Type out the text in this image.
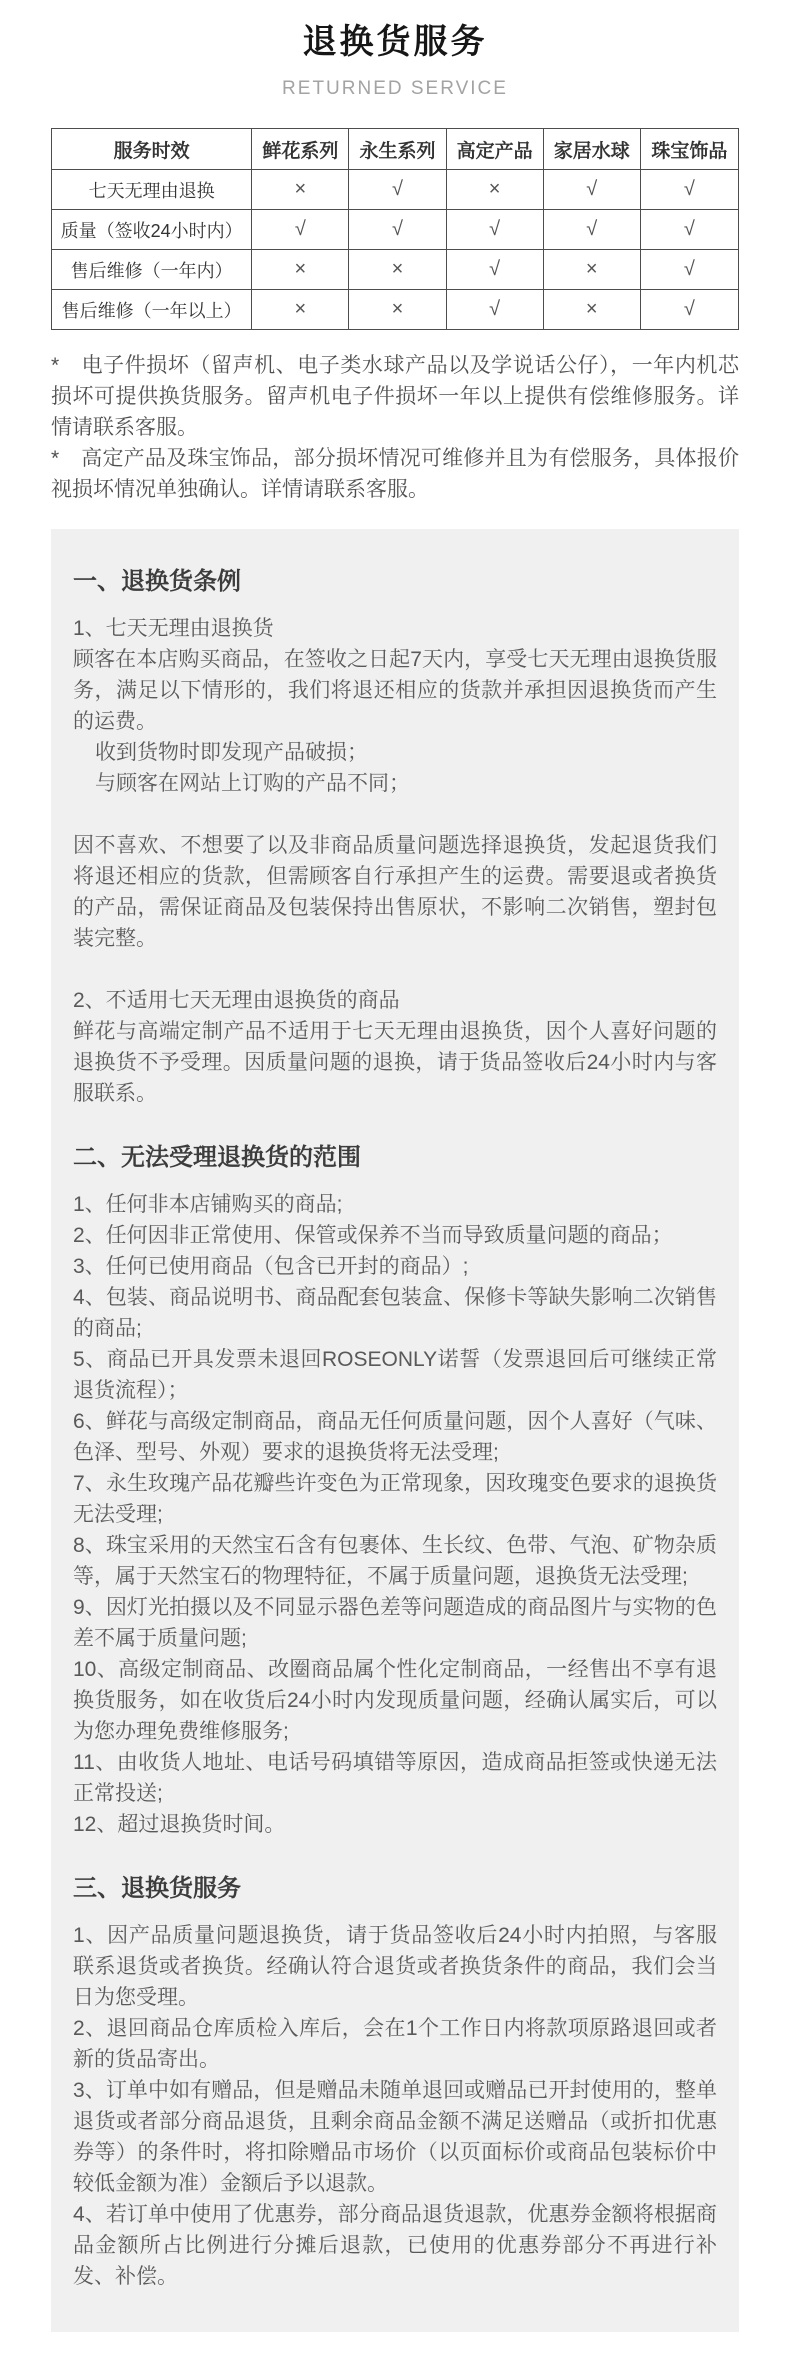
退换货服务
RETURNED SERVICE
服务时效	鲜花系列	永生系列	高定产品	家居水球	珠宝饰品
七天无理由退换	×	√	×	√	√
质量（签收24小时内）	√	√	√	√	√
售后维修（一年内）	×	×	√	×	√
售后维修（一年以上）	×	×	√	×	√

* 电子件损坏（留声机、电子类水球产品以及学说话公仔），一年内机芯损坏可提供换货服务。留声机电子件损坏一年以上提供有偿维修服务。详情请联系客服。

* 高定产品及珠宝饰品，部分损坏情况可维修并且为有偿服务，具体报价视损坏情况单独确认。详情请联系客服。

一、退换货条例

1、七天无理由退换货

顾客在本店购买商品，在签收之日起7天内，享受七天无理由退换货服务，满足以下情形的，我们将退还相应的货款并承担因退换货而产生的运费。

收到货物时即发现产品破损；

与顾客在网站上订购的产品不同；

因不喜欢、不想要了以及非商品质量问题选择退换货，发起退货我们将退还相应的货款，但需顾客自行承担产生的运费。需要退或者换货的产品，需保证商品及包装保持出售原状，不影响二次销售，塑封包装完整。

2、不适用七天无理由退换货的商品

鲜花与高端定制产品不适用于七天无理由退换货，因个人喜好问题的退换货不予受理。因质量问题的退换，请于货品签收后24小时内与客服联系。

二、无法受理退换货的范围

1、任何非本店铺购买的商品;

2、任何因非正常使用、保管或保养不当而导致质量问题的商品；

3、任何已使用商品（包含已开封的商品）;

4、包装、商品说明书、商品配套包装盒、保修卡等缺失影响二次销售的商品;

5、商品已开具发票未退回ROSEONLY诺誓（发票退回后可继续正常退货流程）；

6、鲜花与高级定制商品，商品无任何质量问题，因个人喜好（气味、色泽、型号、外观）要求的退换货将无法受理;

7、永生玫瑰产品花瓣些许变色为正常现象，因玫瑰变色要求的退换货无法受理;

8、珠宝采用的天然宝石含有包裹体、生长纹、色带、气泡、矿物杂质等，属于天然宝石的物理特征，不属于质量问题，退换货无法受理;

9、因灯光拍摄以及不同显示器色差等问题造成的商品图片与实物的色差不属于质量问题;

10、高级定制商品、改圈商品属个性化定制商品，一经售出不享有退换货服务，如在收货后24小时内发现质量问题，经确认属实后，可以为您办理免费维修服务;

11、由收货人地址、电话号码填错等原因，造成商品拒签或快递无法正常投送;

12、超过退换货时间。

三、退换货服务

1、因产品质量问题退换货，请于货品签收后24小时内拍照，与客服联系退货或者换货。经确认符合退货或者换货条件的商品，我们会当日为您受理。

2、退回商品仓库质检入库后，会在1个工作日内将款项原路退回或者新的货品寄出。

3、订单中如有赠品，但是赠品未随单退回或赠品已开封使用的，整单退货或者部分商品退货，且剩余商品金额不满足送赠品（或折扣优惠券等）的条件时，将扣除赠品市场价（以页面标价或商品包装标价中较低金额为准）金额后予以退款。

4、若订单中使用了优惠券，部分商品退货退款，优惠券金额将根据商品金额所占比例进行分摊后退款，已使用的优惠券部分不再进行补发、补偿。
